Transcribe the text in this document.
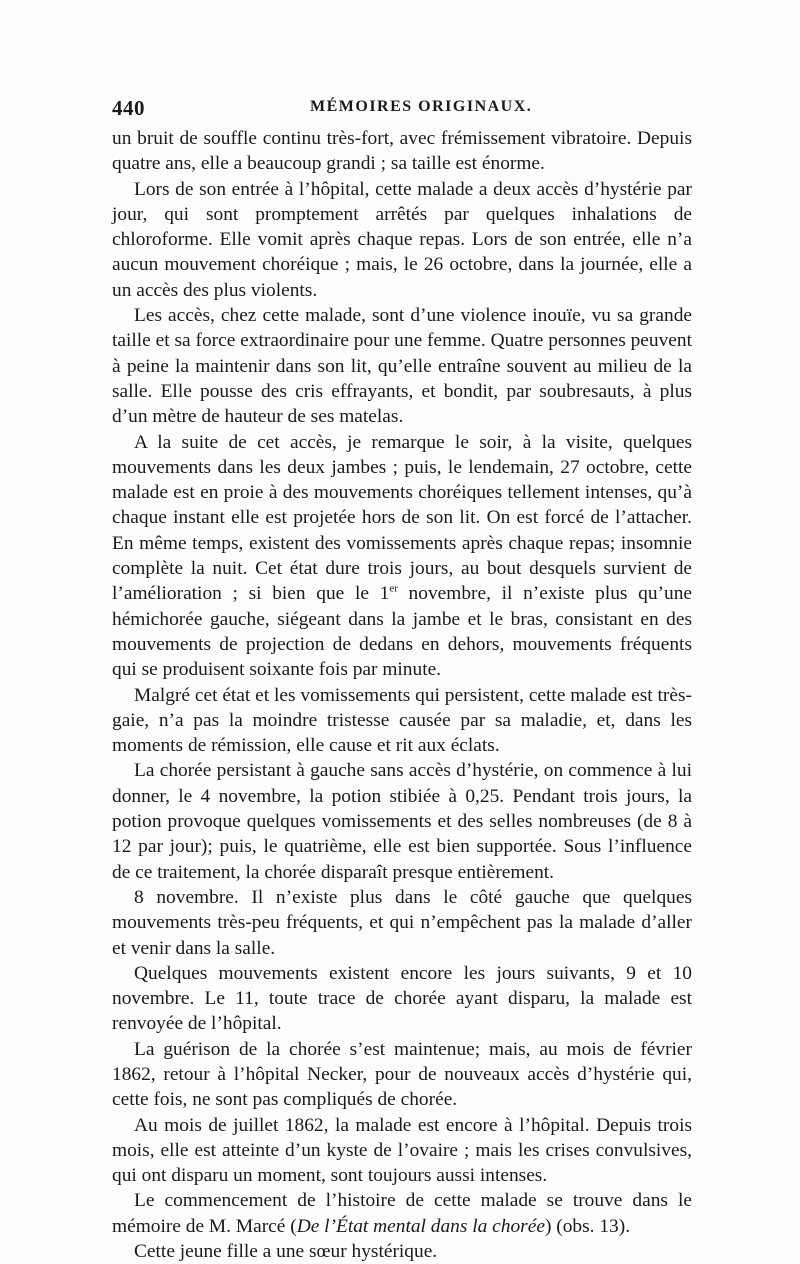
440	MÉMOIRES ORIGINAUX.

un bruit de souffle continu très-fort, avec frémissement vibratoire. Depuis quatre ans, elle a beaucoup grandi ; sa taille est énorme.

Lors de son entrée à l’hôpital, cette malade a deux accès d’hystérie par jour, qui sont promptement arrêtés par quelques inhalations de chloroforme. Elle vomit après chaque repas. Lors de son entrée, elle n’a aucun mouvement choréique ; mais, le 26 octobre, dans la journée, elle a un accès des plus violents.

Les accès, chez cette malade, sont d’une violence inouïe, vu sa grande taille et sa force extraordinaire pour une femme. Quatre personnes peuvent à peine la maintenir dans son lit, qu’elle entraîne souvent au milieu de la salle. Elle pousse des cris effrayants, et bondit, par soubresauts, à plus d’un mètre de hauteur de ses matelas.

A la suite de cet accès, je remarque le soir, à la visite, quelques mouvements dans les deux jambes ; puis, le lendemain, 27 octobre, cette malade est en proie à des mouvements choréiques tellement intenses, qu’à chaque instant elle est projetée hors de son lit. On est forcé de l’attacher. En même temps, existent des vomissements après chaque repas; insomnie complète la nuit. Cet état dure trois jours, au bout desquels survient de l’amélioration ; si bien que le 1er novembre, il n’existe plus qu’une hémichorée gauche, siégeant dans la jambe et le bras, consistant en des mouvements de projection de dedans en dehors, mouvements fréquents qui se produisent soixante fois par minute.

Malgré cet état et les vomissements qui persistent, cette malade est très-gaie, n’a pas la moindre tristesse causée par sa maladie, et, dans les moments de rémission, elle cause et rit aux éclats.

La chorée persistant à gauche sans accès d’hystérie, on commence à lui donner, le 4 novembre, la potion stibiée à 0,25. Pendant trois jours, la potion provoque quelques vomissements et des selles nombreuses (de 8 à 12 par jour); puis, le quatrième, elle est bien supportée. Sous l’influence de ce traitement, la chorée disparaît presque entièrement.

8 novembre. Il n’existe plus dans le côté gauche que quelques mouvements très-peu fréquents, et qui n’empêchent pas la malade d’aller et venir dans la salle.

Quelques mouvements existent encore les jours suivants, 9 et 10 novembre. Le 11, toute trace de chorée ayant disparu, la malade est renvoyée de l’hôpital.

La guérison de la chorée s’est maintenue; mais, au mois de février 1862, retour à l’hôpital Necker, pour de nouveaux accès d’hystérie qui, cette fois, ne sont pas compliqués de chorée.

Au mois de juillet 1862, la malade est encore à l’hôpital. Depuis trois mois, elle est atteinte d’un kyste de l’ovaire ; mais les crises convulsives, qui ont disparu un moment, sont toujours aussi intenses.

Le commencement de l’histoire de cette malade se trouve dans le mémoire de M. Marcé (De l’État mental dans la chorée) (obs. 13).

Cette jeune fille a une sœur hystérique.
